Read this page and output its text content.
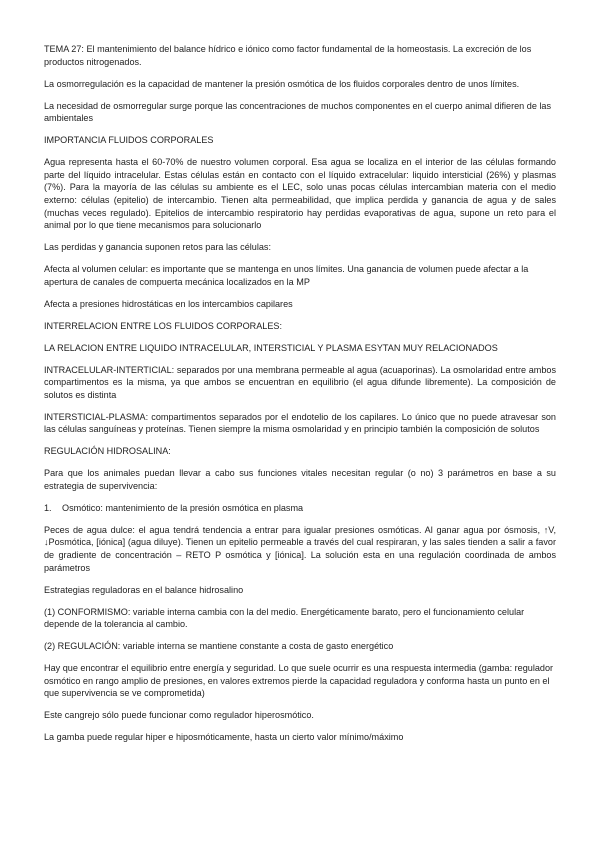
TEMA 27: El mantenimiento del balance hídrico e iónico como factor fundamental de la homeostasis. La excreción de los productos nitrogenados.

La osmorregulación es la capacidad de mantener la presión osmótica de los fluidos corporales dentro de unos límites.

La necesidad de osmorregular surge porque las concentraciones de muchos componentes en el cuerpo animal difieren de las ambientales

IMPORTANCIA FLUIDOS CORPORALES

Agua representa hasta el 60-70% de nuestro volumen corporal. Esa agua se localiza en el interior de las células formando parte del líquido intracelular. Estas células están en contacto con el líquido extracelular: liquido intersticial (26%) y plasmas (7%). Para la mayoría de las células su ambiente es el LEC, solo unas pocas células intercambian materia con el medio externo: células (epitelio) de intercambio. Tienen alta permeabilidad, que implica perdida y ganancia de agua y de sales (muchas veces regulado). Epitelios de intercambio respiratorio hay perdidas evaporativas de agua, supone un reto para el animal por lo que tiene mecanismos para solucionarlo

Las perdidas y ganancia suponen retos para las células:

Afecta al volumen celular: es importante que se mantenga en unos límites. Una ganancia de volumen puede afectar a la apertura de canales de compuerta mecánica localizados en la MP

Afecta a presiones hidrostáticas en los intercambios capilares

INTERRELACION ENTRE LOS FLUIDOS CORPORALES:

LA RELACION ENTRE LIQUIDO INTRACELULAR, INTERSTICIAL Y PLASMA ESYTAN MUY RELACIONADOS

INTRACELULAR-INTERTICIAL: separados por una membrana permeable al agua (acuaporinas). La osmolaridad entre ambos compartimentos es la misma, ya que ambos se encuentran en equilibrio (el agua difunde libremente). La composición de solutos es distinta

INTERSTICIAL-PLASMA: compartimentos separados por el endotelio de los capilares. Lo único que no puede atravesar son las células sanguíneas y proteínas. Tienen siempre la misma osmolaridad y en principio también la composición de solutos

REGULACIÓN HIDROSALINA:

Para que los animales puedan llevar a cabo sus funciones vitales necesitan regular (o no) 3 parámetros en base a su estrategia de supervivencia:

1.	Osmótico: mantenimiento de la presión osmótica en plasma

Peces de agua dulce: el agua tendrá tendencia a entrar para igualar presiones osmóticas. Al ganar agua por ósmosis, ↑V, ↓Posmótica, [iónica] (agua diluye). Tienen un epitelio permeable a través del cual respiraran, y las sales tienden a salir a favor de gradiente de concentración – RETO P osmótica y [iónica]. La solución esta en una regulación coordinada de ambos parámetros

Estrategias reguladoras en el balance hidrosalino

(1) CONFORMISMO: variable interna cambia con la del medio. Energéticamente barato, pero el funcionamiento celular depende de la tolerancia al cambio.

(2) REGULACIÓN: variable interna se mantiene constante a costa de gasto energético

Hay que encontrar el equilibrio entre energía y seguridad. Lo que suele ocurrir es una respuesta intermedia (gamba: regulador osmótico en rango amplio de presiones, en valores extremos pierde la capacidad reguladora y conforma hasta un punto en el que supervivencia se ve comprometida)

Este cangrejo sólo puede funcionar como regulador hiperosmótico.

La gamba puede regular hiper e hiposmóticamente, hasta un cierto valor mínimo/máximo
